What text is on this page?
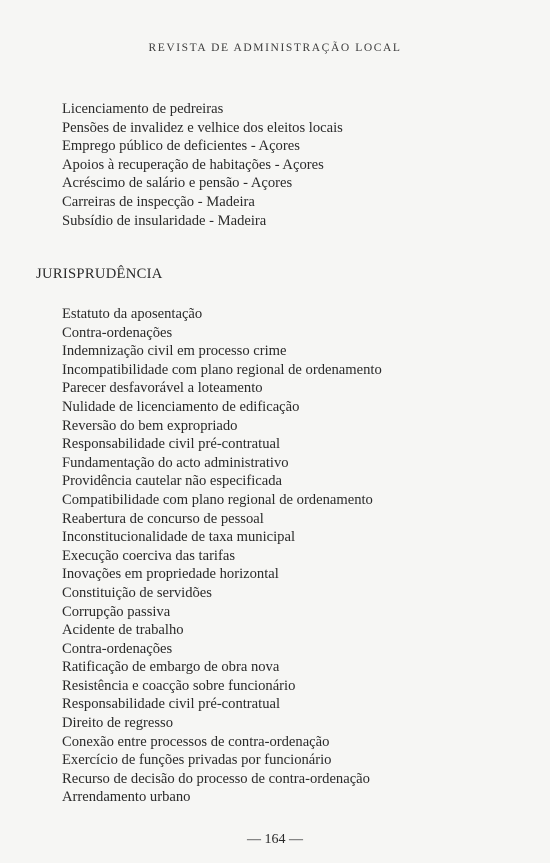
REVISTA DE ADMINISTRAÇÃO LOCAL
Licenciamento de pedreiras
Pensões de invalidez e velhice dos eleitos locais
Emprego público de deficientes - Açores
Apoios à recuperação de habitações - Açores
Acréscimo de salário e pensão - Açores
Carreiras de inspecção - Madeira
Subsídio de insularidade - Madeira
JURISPRUDÊNCIA
Estatuto da aposentação
Contra-ordenações
Indemnização civil em processo crime
Incompatibilidade com plano regional de ordenamento
Parecer desfavorável a loteamento
Nulidade de licenciamento de edificação
Reversão do bem expropriado
Responsabilidade civil pré-contratual
Fundamentação do acto administrativo
Providência cautelar não especificada
Compatibilidade com plano regional de ordenamento
Reabertura de concurso de pessoal
Inconstitucionalidade de taxa municipal
Execução coerciva das tarifas
Inovações em propriedade horizontal
Constituição de servidões
Corrupção passiva
Acidente de trabalho
Contra-ordenações
Ratificação de embargo de obra nova
Resistência e coacção sobre funcionário
Responsabilidade civil pré-contratual
Direito de regresso
Conexão entre processos de contra-ordenação
Exercício de funções privadas por funcionário
Recurso de decisão do processo de contra-ordenação
Arrendamento urbano
— 164 —
